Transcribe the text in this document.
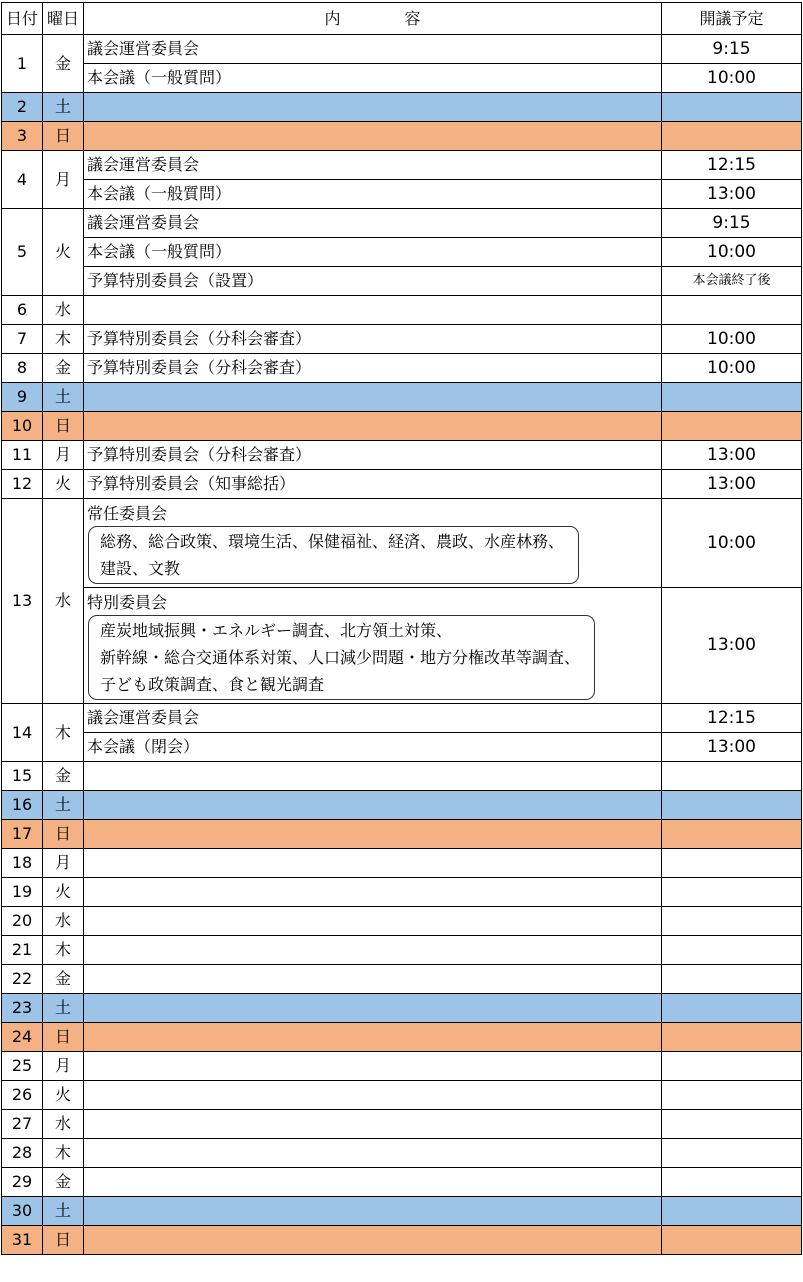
日付	曜日	内　　　　容	開議予定
1	金	議会運営委員会	9:15
		本会議（一般質問）	10:00
2	土		
3	日		
4	月	議会運営委員会	12:15
		本会議（一般質問）	13:00
5	火	議会運営委員会	9:15
		本会議（一般質問）	10:00
		予算特別委員会（設置）	本会議終了後
6	水		
7	木	予算特別委員会（分科会審査）	10:00
8	金	予算特別委員会（分科会審査）	10:00
9	土		
10	日		
11	月	予算特別委員会（分科会審査）	13:00
12	火	予算特別委員会（知事総括）	13:00
13	水	常任委員会
総務、総合政策、環境生活、保健福祉、経済、農政、水産林務、
建設、文教	10:00

		特別委員会
産炭地域振興・エネルギー調査、北方領土対策、
新幹線・総合交通体系対策、人口減少問題・地方分権改革等調査、
子ども政策調査、食と観光調査	13:00
14	木	議会運営委員会	12:15
		本会議（閉会）	13:00
15	金		
16	土		
17	日		
18	月		
19	火		
20	水		
21	木		
22	金		
23	土		
24	日		
25	月		
26	火		
27	水		
28	木		
29	金		
30	土		
31	日		
